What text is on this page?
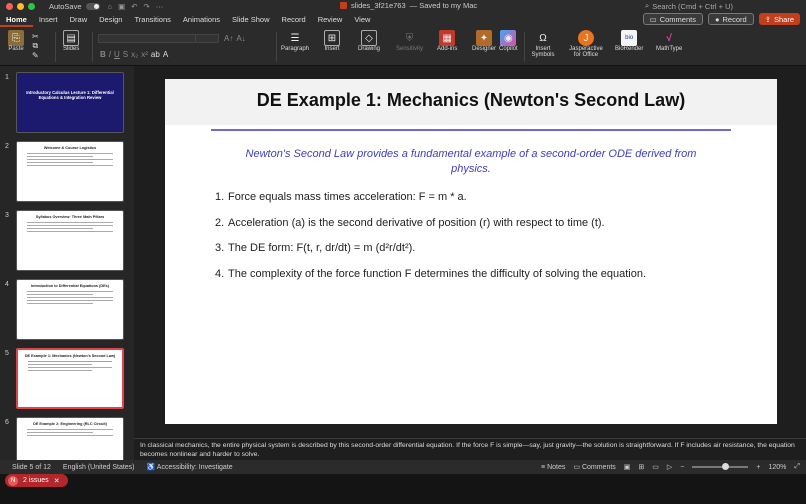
AutoSave	⌂ ▣ ↶ ↷ ⋯	slides_3f21e763 — Saved to my Mac	⌕ Search (Cmd + Ctrl + U)
Home	Insert	Draw	Design	Transitions	Animations	Slide Show	Record	Review	View	▭ Comments	● Record ⇪ Share
⎘
Paste
✂
⧉
✎
▤
Slides
A↑ A↓
B I U S x₂ x² ab A
☰
Paragraph
⊞
Insert
◇
Drawing
⛨
Sensitivity
▦
Add-ins
✦
Designer
◉
Copilot
Ω
Insert Symbols
J
Jasperactive for Office
bio
BioRender
√
MathType
1
Introductory Calculus Lecture 1: Differential Equations & Integration Review
2	Welcome & Course Logistics
3	Syllabus Overview: Three Main Pillars
4	Introduction to Differential Equations (DEs)
5	DE Example 1: Mechanics (Newton's Second Law)
6	DE Example 2: Engineering (RLC Circuit)
DE Example 1: Mechanics (Newton's Second Law)
Newton's Second Law provides a fundamental example of a second-order ODE derived from physics.
1. Force equals mass times acceleration: F = m * a.
2. Acceleration (a) is the second derivative of position (r) with respect to time (t).
3. The DE form: F(t, r, dr/dt) = m (d²r/dt²).
4. The complexity of the force function F determines the difficulty of solving the equation.
In classical mechanics, the entire physical system is described by this second-order differential equation. If the force F is simple—say, just gravity—the solution is straightforward. If F includes air resistance, the equation becomes nonlinear and harder to solve.
Slide 5 of 12 English (United States) ♿ Accessibility: Investigate	≡ Notes ▭ Comments ▣ ⊞ ▭ ▷ −	+ 120% ⤢
N	2 issues ✕
